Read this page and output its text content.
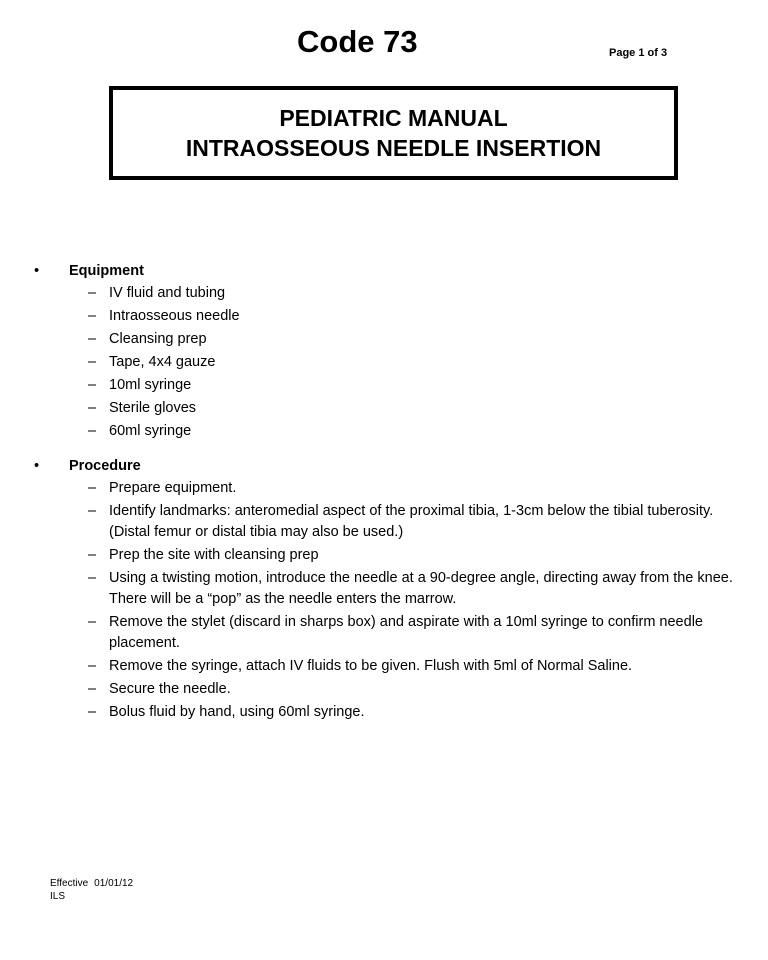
Code 73	Page 1 of 3
PEDIATRIC MANUAL
INTRAOSSEOUS NEEDLE INSERTION
• Equipment
– IV fluid and tubing
– Intraosseous needle
– Cleansing prep
– Tape, 4x4 gauze
– 10ml syringe
– Sterile gloves
– 60ml syringe
• Procedure
– Prepare equipment.
– Identify landmarks: anteromedial aspect of the proximal tibia, 1-3cm below the tibial tuberosity. (Distal femur or distal tibia may also be used.)
– Prep the site with cleansing prep
– Using a twisting motion, introduce the needle at a 90-degree angle, directing away from the knee. There will be a “pop” as the needle enters the marrow.
– Remove the stylet (discard in sharps box) and aspirate with a 10ml syringe to confirm needle placement.
– Remove the syringe, attach IV fluids to be given. Flush with 5ml of Normal Saline.
– Secure the needle.
– Bolus fluid by hand, using 60ml syringe.
Effective 01/01/12
ILS
